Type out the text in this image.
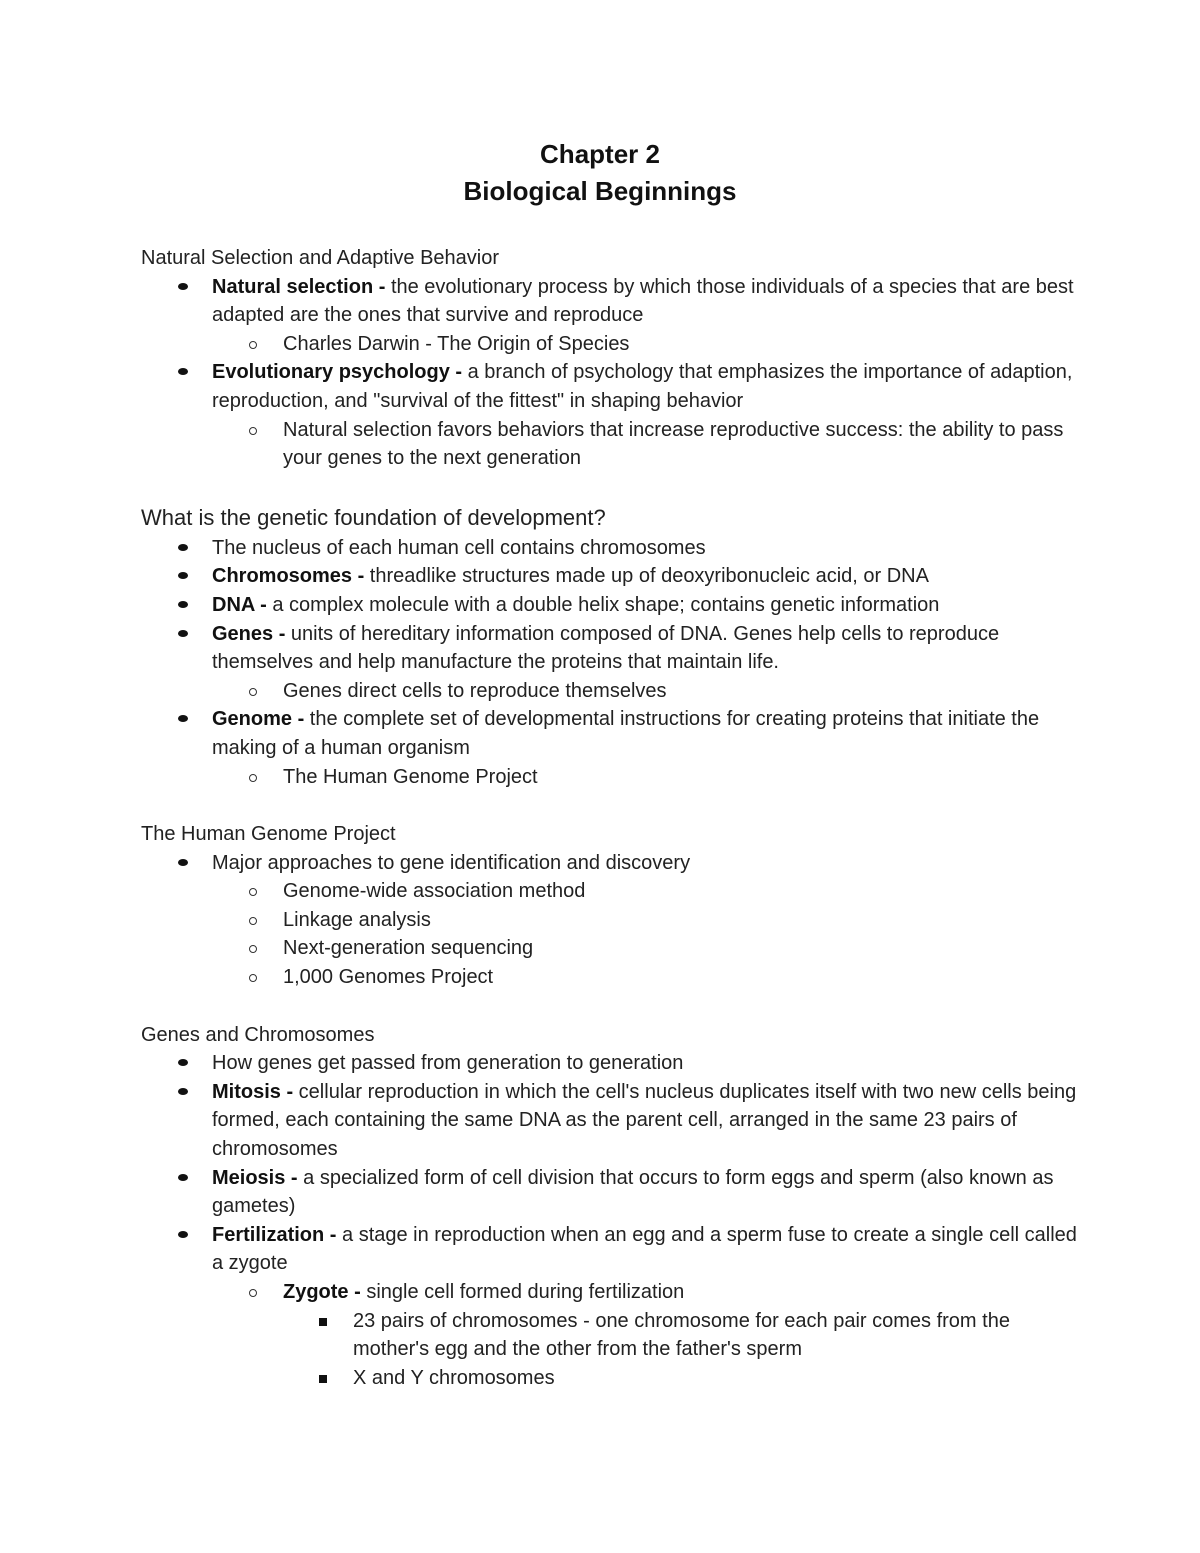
Chapter 2
Biological Beginnings
Natural Selection and Adaptive Behavior
Natural selection - the evolutionary process by which those individuals of a species that are best adapted are the ones that survive and reproduce
Charles Darwin - The Origin of Species
Evolutionary psychology - a branch of psychology that emphasizes the importance of adaption, reproduction, and "survival of the fittest" in shaping behavior
Natural selection favors behaviors that increase reproductive success: the ability to pass your genes to the next generation
What is the genetic foundation of development?
The nucleus of each human cell contains chromosomes
Chromosomes - threadlike structures made up of deoxyribonucleic acid, or DNA
DNA - a complex molecule with a double helix shape; contains genetic information
Genes - units of hereditary information composed of DNA. Genes help cells to reproduce themselves and help manufacture the proteins that maintain life.
Genes direct cells to reproduce themselves
Genome - the complete set of developmental instructions for creating proteins that initiate the making of a human organism
The Human Genome Project
The Human Genome Project
Major approaches to gene identification and discovery
Genome-wide association method
Linkage analysis
Next-generation sequencing
1,000 Genomes Project
Genes and Chromosomes
How genes get passed from generation to generation
Mitosis - cellular reproduction in which the cell's nucleus duplicates itself with two new cells being formed, each containing the same DNA as the parent cell, arranged in the same 23 pairs of chromosomes
Meiosis - a specialized form of cell division that occurs to form eggs and sperm (also known as gametes)
Fertilization - a stage in reproduction when an egg and a sperm fuse to create a single cell called a zygote
Zygote - single cell formed during fertilization
23 pairs of chromosomes - one chromosome for each pair comes from the mother's egg and the other from the father's sperm
X and Y chromosomes
